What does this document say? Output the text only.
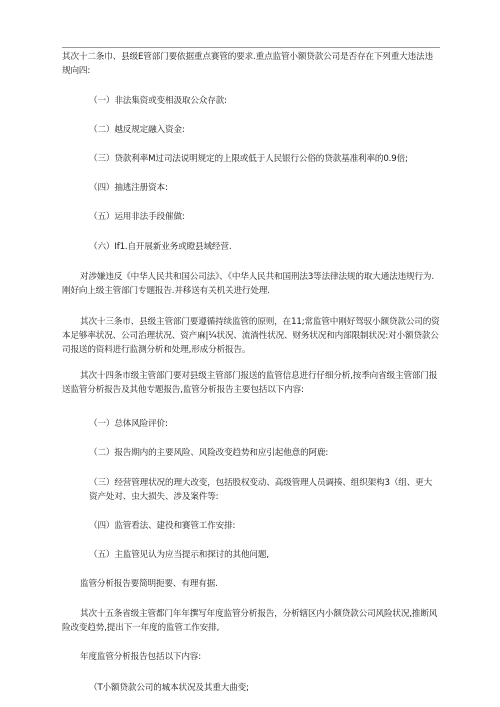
其次十二条巾、县级E管部门要依据重点赛管的要求.重点监管小额贷款公司是否存在下列重大违法违规向四:

（一）非法集资或变相汲取公众存款:

（二）越反规定融入资金:

（三）贷款利率M过司法说明规定的上限或低于人民银行公俗的贷款基准利率的0.9倍;

（四）抽逃注册资本:

（五）运用非法手段催做:

（六）If1.自开展新业务或瞪县域经营.

对涉嫌违反《中华人民共和国公司法》、《中华人民共和国刑法3等法律法规的取大通法违规行为.刚好向上级主管部门专题报告.并移送有关机关进行处理.

其次十三条市、县级主管部门要遵循持续监管的原则，在11;常监管中刚好驾驭小额贷款公司的资本足够率状况、公司治理状况、资产麻|¼状况、流淌性状况、财务状况和内部限制状况:对小额贷款公司报送的资料进行监测分析和处理,形成分析报告。

其次十四条市级主管部门要对县级主管部门报送的监管信息进行仔细分析,按季向省级主管部门报送监管分析报告及其他专题报告,监管分析报告主要包括以下内容:

（一）总体风险评价:

（二）报告期内的主要风险、风险改变趋势和应引起他意的阿鹿:

（三）经营管理状况的理大改变，包括股权变动、高级管理人员调揍、组织架构3（组、更大资产处对、虫大损失、涉及案件等:

（四）监管看法、建役和赛管工作安排:

（五）主监管见认为应当提示和探讨的其他问题,

监管分析报告要简明扼要、有理有据.

其次十五条省级主管都门年年撰写年度监管分析报告，分析辖区内小额贷款公司风险状况,推断风险改变趋势,提出下一年度的监管工作安排,

年度监管分析报告包括以下内容:

（T小额贷款公司的城本状况及其重大曲变;
